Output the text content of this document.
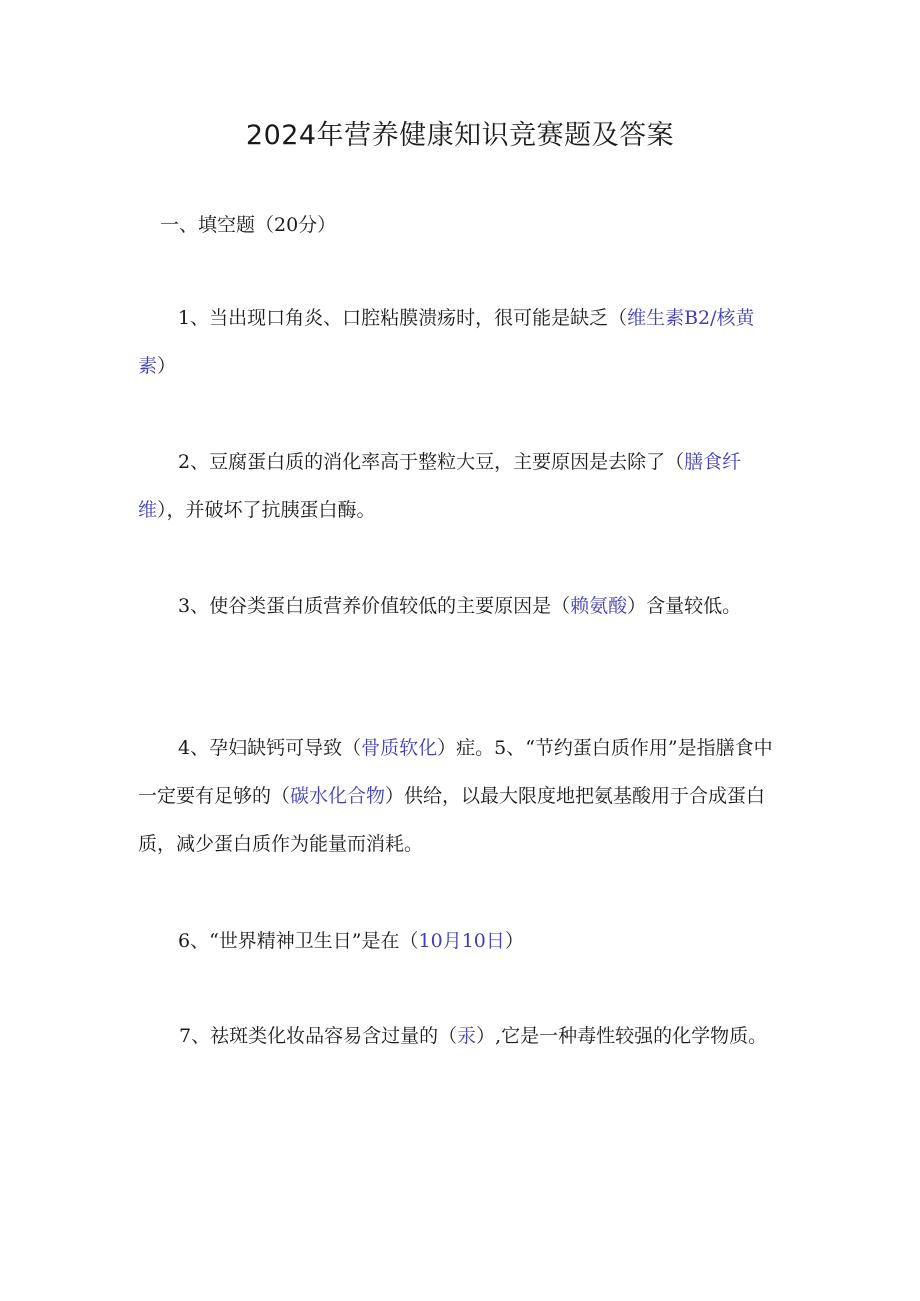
2024年营养健康知识竞赛题及答案
一、填空题（20分）
1、当出现口角炎、口腔粘膜溃疡时，很可能是缺乏（维生素B2/核黄素）
2、豆腐蛋白质的消化率高于整粒大豆，主要原因是去除了（膳食纤维），并破坏了抗胰蛋白酶。
3、使谷类蛋白质营养价值较低的主要原因是（赖氨酸）含量较低。
4、孕妇缺钙可导致（骨质软化）症。5、“节约蛋白质作用”是指膳食中一定要有足够的（碳水化合物）供给，以最大限度地把氨基酸用于合成蛋白质，减少蛋白质作为能量而消耗。
6、“世界精神卫生日”是在（10月10日）
7、祛斑类化妆品容易含过量的（汞）,它是一种毒性较强的化学物质。
